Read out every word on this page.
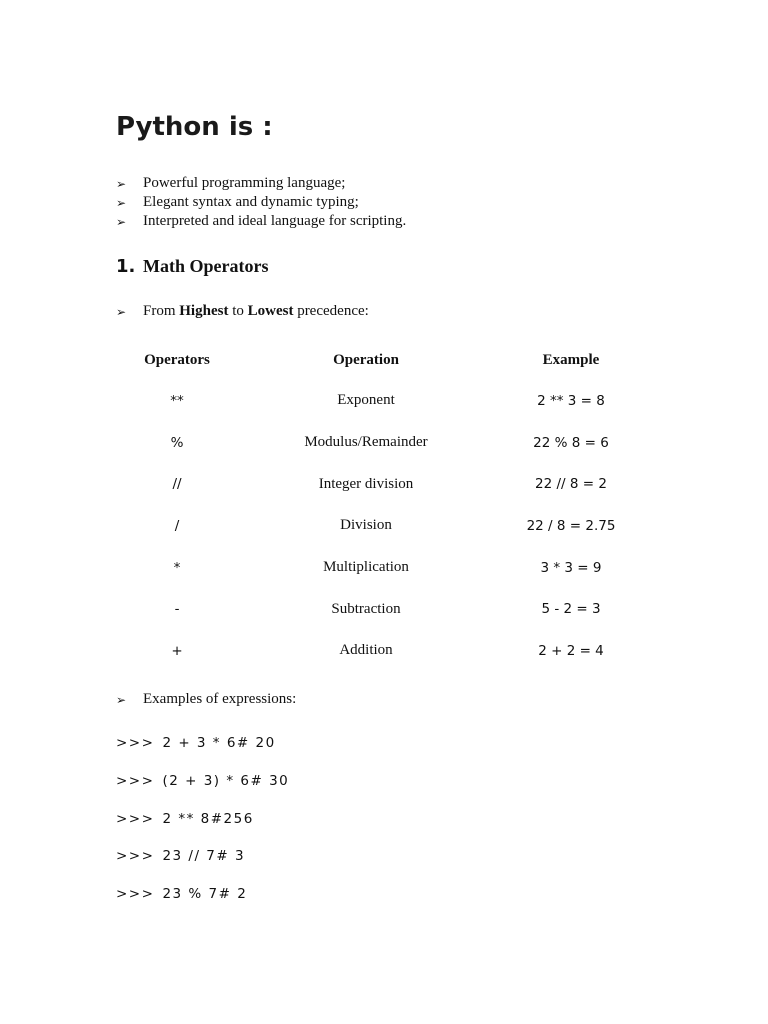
Python is :
➢	Powerful programming language;
➢	Elegant syntax and dynamic typing;
➢	Interpreted and ideal language for scripting.
1. Math Operators
➢	From Highest to Lowest precedence:
Operators	Operation	Example
**	Exponent	2 ** 3 = 8
%	Modulus/Remainder	22 % 8 = 6
//	Integer division	22 // 8 = 2
/	Division	22 / 8 = 2.75
*	Multiplication	3 * 3 = 9
-	Subtraction	5 - 2 = 3
+	Addition	2 + 2 = 4
➢	Examples of expressions:
>>> 2 + 3 * 6# 20
>>> (2 + 3) * 6# 30
>>> 2 ** 8#256
>>> 23 // 7# 3
>>> 23 % 7# 2
